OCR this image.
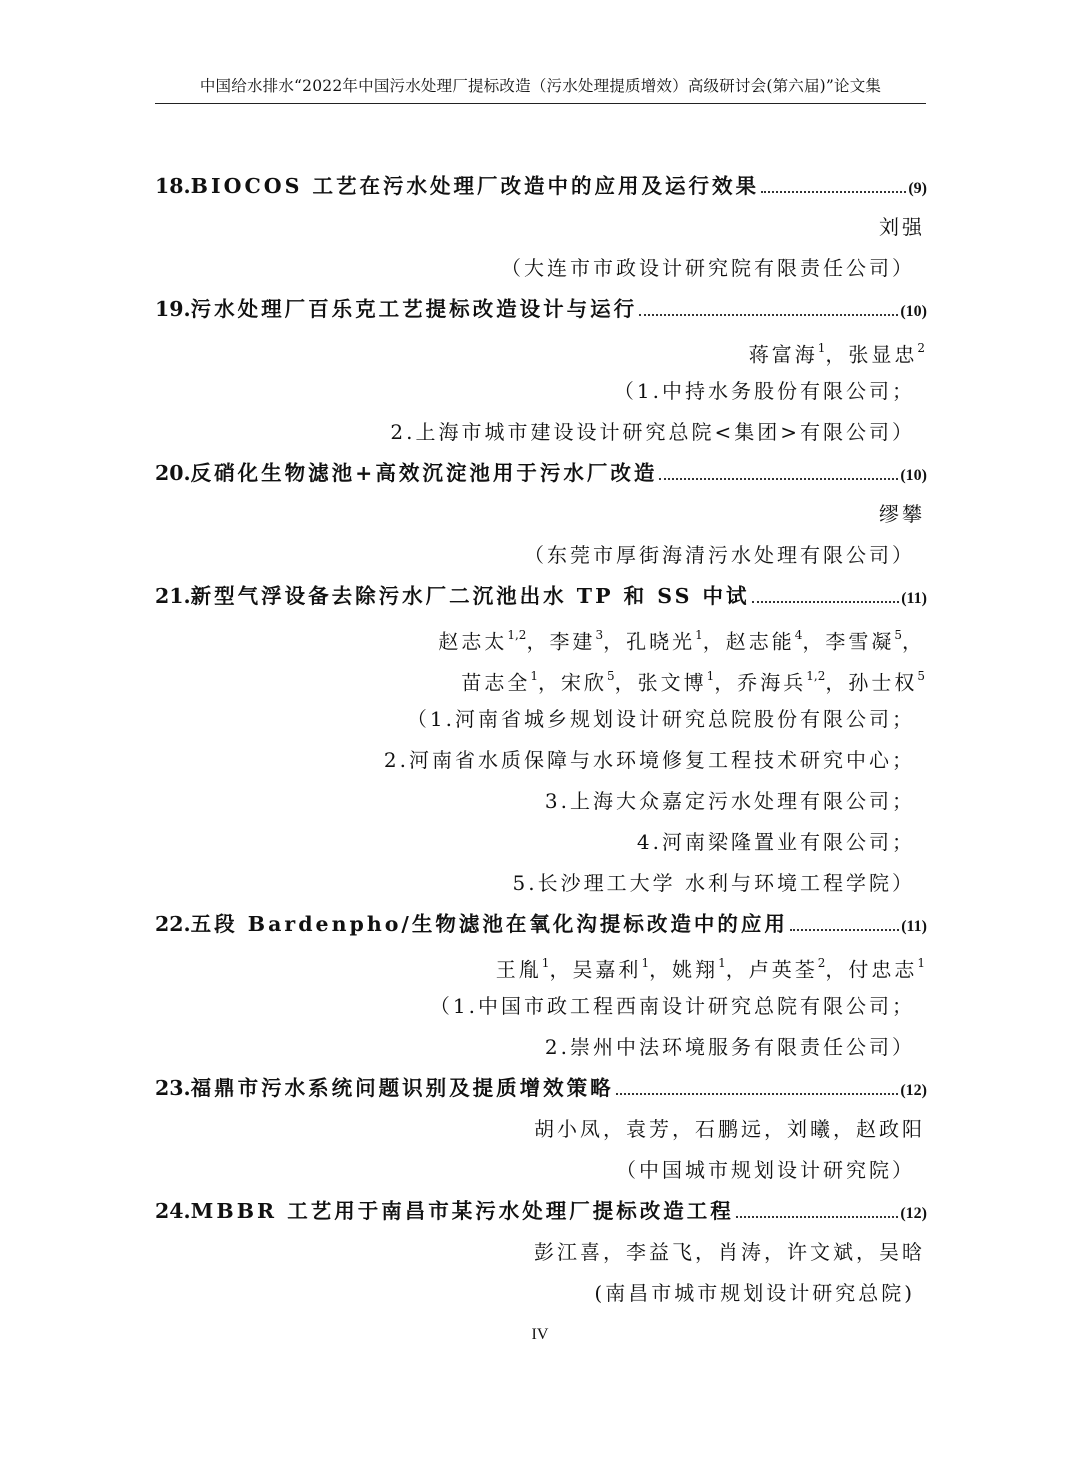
中国给水排水“2022年中国污水处理厂提标改造（污水处理提质增效）高级研讨会(第六届)”论文集
18. BIOCOS 工艺在污水处理厂改造中的应用及运行效果	(9)
刘强
（大连市市政设计研究院有限责任公司）
19. 污水处理厂百乐克工艺提标改造设计与运行	(10)
蒋富海$^1$，张显忠$^2$
（1.中持水务股份有限公司；
2.上海市城市建设设计研究总院<集团>有限公司）
20. 反硝化生物滤池+高效沉淀池用于污水厂改造	(10)
缪攀
（东莞市厚街海清污水处理有限公司）
21. 新型气浮设备去除污水厂二沉池出水 TP 和 SS 中试	(11)
赵志太$^{1,2}$，李建$^3$，孔晓光$^1$，赵志能$^4$，李雪凝$^5$，
苗志全$^1$，宋欣$^5$，张文博$^1$，乔海兵$^{1,2}$，孙士权$^5$
（1.河南省城乡规划设计研究总院股份有限公司；
2.河南省水质保障与水环境修复工程技术研究中心；
3.上海大众嘉定污水处理有限公司；
4.河南梁隆置业有限公司；
5.长沙理工大学 水利与环境工程学院）
22. 五段 Bardenpho/生物滤池在氧化沟提标改造中的应用	(11)
王胤$^1$，吴嘉利$^1$，姚翔$^1$，卢英荃$^2$，付忠志$^1$
（1.中国市政工程西南设计研究总院有限公司；
2.崇州中法环境服务有限责任公司）
23. 福鼎市污水系统问题识别及提质增效策略	(12)
胡小凤，袁芳，石鹏远，刘曦，赵政阳
（中国城市规划设计研究院）
24. MBBR 工艺用于南昌市某污水处理厂提标改造工程	(12)
彭江喜，李益飞，肖涛，许文斌，吴晗
(南昌市城市规划设计研究总院)
IV
